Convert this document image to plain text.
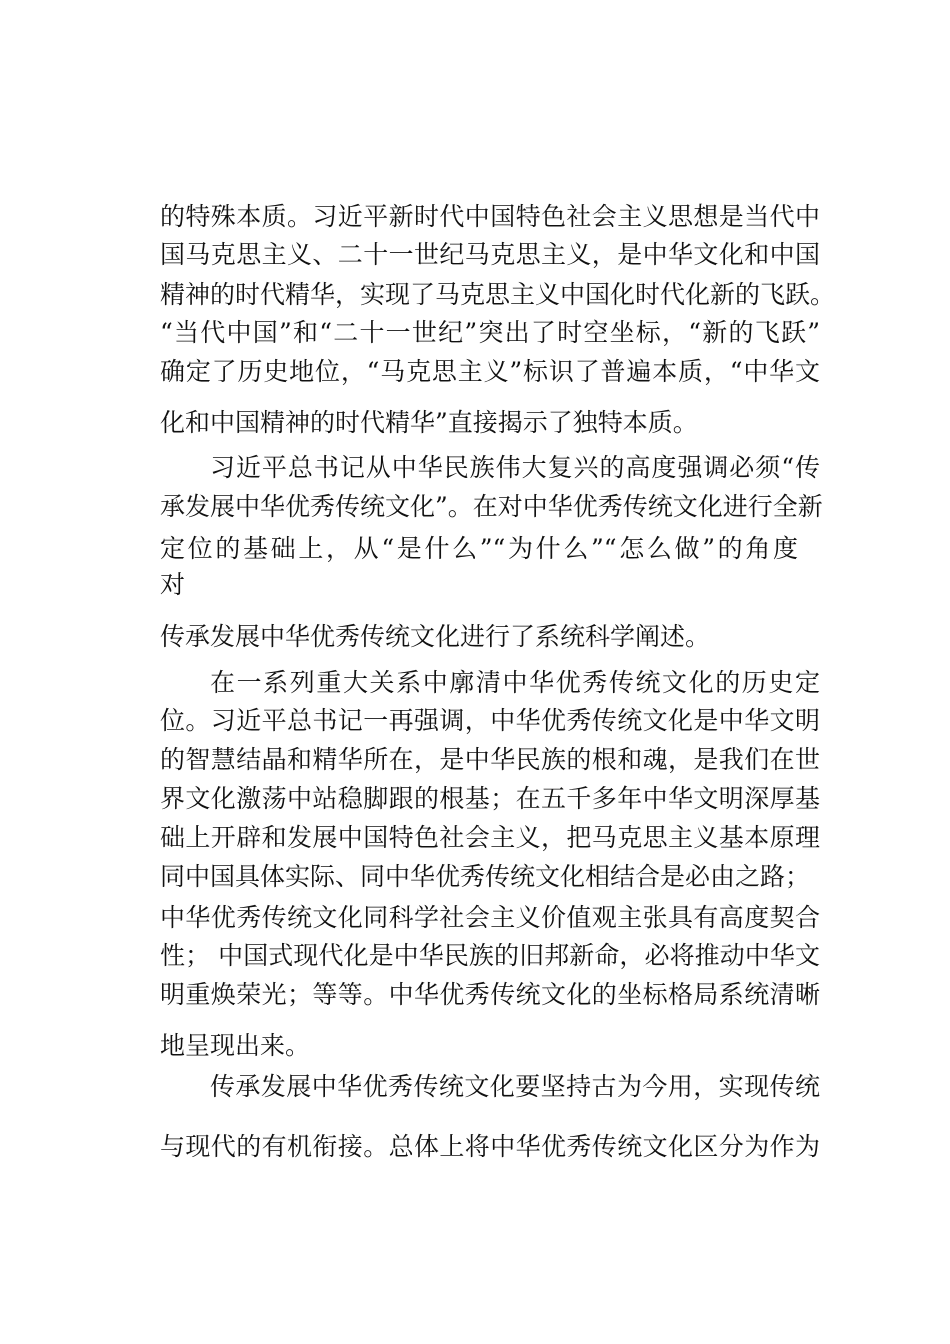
的特殊本质。习近平新时代中国特色社会主义思想是当代中
国马克思主义、二十一世纪马克思主义，是中华文化和中国
精神的时代精华，实现了马克思主义中国化时代化新的飞跃。
“当代中国”和“二十一世纪”突出了时空坐标，“新的飞跃”
确定了历史地位，“马克思主义”标识了普遍本质，“中华文
化和中国精神的时代精华”直接揭示了独特本质。
习近平总书记从中华民族伟大复兴的高度强调必须“传
承发展中华优秀传统文化”。在对中华优秀传统文化进行全新
定位的基础上，从“是什么”“为什么”“怎么做”的角度
对
传承发展中华优秀传统文化进行了系统科学阐述。
在一系列重大关系中廓清中华优秀传统文化的历史定
位。习近平总书记一再强调，中华优秀传统文化是中华文明
的智慧结晶和精华所在，是中华民族的根和魂，是我们在世
界文化激荡中站稳脚跟的根基；在五千多年中华文明深厚基
础上开辟和发展中国特色社会主义，把马克思主义基本原理
同中国具体实际、同中华优秀传统文化相结合是必由之路；
中华优秀传统文化同科学社会主义价值观主张具有高度契合
性； 中国式现代化是中华民族的旧邦新命，必将推动中华文
明重焕荣光；等等。中华优秀传统文化的坐标格局系统清晰
地呈现出来。
传承发展中华优秀传统文化要坚持古为今用，实现传统
与现代的有机衔接。总体上将中华优秀传统文化区分为作为
